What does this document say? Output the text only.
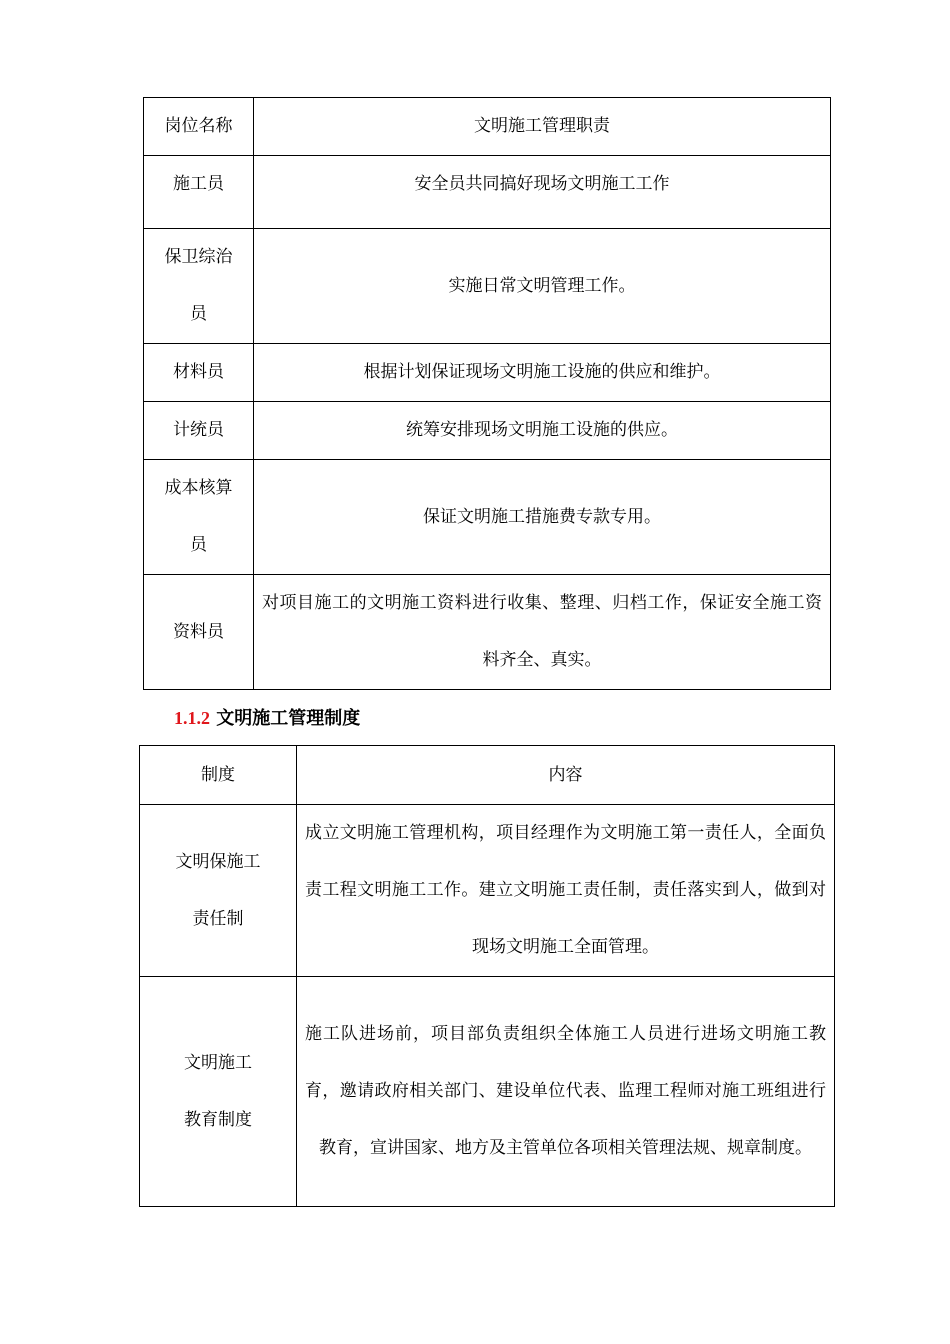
岗位名称	文明施工管理职责
施工员	安全员共同搞好现场文明施工工作
保卫综治员	实施日常文明管理工作。
材料员	根据计划保证现场文明施工设施的供应和维护。
计统员	统筹安排现场文明施工设施的供应。
成本核算员	保证文明施工措施费专款专用。
资料员	对项目施工的文明施工资料进行收集、整理、归档工作，保证安全施工资料齐全、真实。
1.1.2 文明施工管理制度
制度	内容
文明保施工责任制	成立文明施工管理机构，项目经理作为文明施工第一责任人，全面负责工程文明施工工作。建立文明施工责任制，责任落实到人，做到对现场文明施工全面管理。
文明施工教育制度	施工队进场前，项目部负责组织全体施工人员进行进场文明施工教育，邀请政府相关部门、建设单位代表、监理工程师对施工班组进行教育，宣讲国家、地方及主管单位各项相关管理法规、规章制度。
